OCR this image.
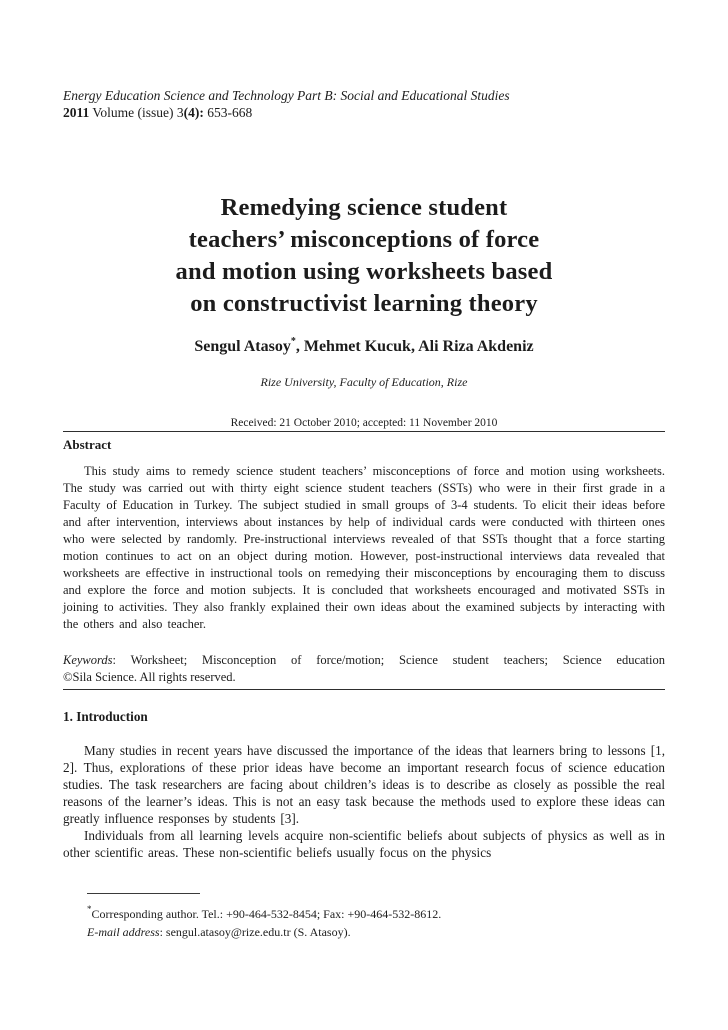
Energy Education Science and Technology Part B: Social and Educational Studies
2011 Volume (issue) 3(4): 653-668
Remedying science student
teachers’ misconceptions of force
and motion using worksheets based
on constructivist learning theory
Sengul Atasoy*, Mehmet Kucuk, Ali Riza Akdeniz
Rize University, Faculty of Education, Rize
Received: 21 October 2010; accepted: 11 November 2010
Abstract

This study aims to remedy science student teachers’ misconceptions of force and motion using worksheets. The study was carried out with thirty eight science student teachers (SSTs) who were in their first grade in a Faculty of Education in Turkey. The subject studied in small groups of 3-4 students. To elicit their ideas before and after intervention, interviews about instances by help of individual cards were conducted with thirteen ones who were selected by randomly. Pre-instructional interviews revealed of that SSTs thought that a force starting motion continues to act on an object during motion. However, post-instructional interviews data revealed that worksheets are effective in instructional tools on remedying their misconceptions by encouraging them to discuss and explore the force and motion subjects. It is concluded that worksheets encouraged and motivated SSTs in joining to activities. They also frankly explained their own ideas about the examined subjects by interacting with the others and also teacher.

Keywords: Worksheet; Misconception of force/motion; Science student teachers; Science education
©Sila Science. All rights reserved.
1. Introduction

Many studies in recent years have discussed the importance of the ideas that learners bring to lessons [1, 2]. Thus, explorations of these prior ideas have become an important research focus of science education studies. The task researchers are facing about children’s ideas is to describe as closely as possible the real reasons of the learner’s ideas. This is not an easy task because the methods used to explore these ideas can greatly influence responses by students [3].

Individuals from all learning levels acquire non-scientific beliefs about subjects of physics as well as in other scientific areas. These non-scientific beliefs usually focus on the physics

*Corresponding author. Tel.: +90-464-532-8454; Fax: +90-464-532-8612.
E-mail address: sengul.atasoy@rize.edu.tr (S. Atasoy).
